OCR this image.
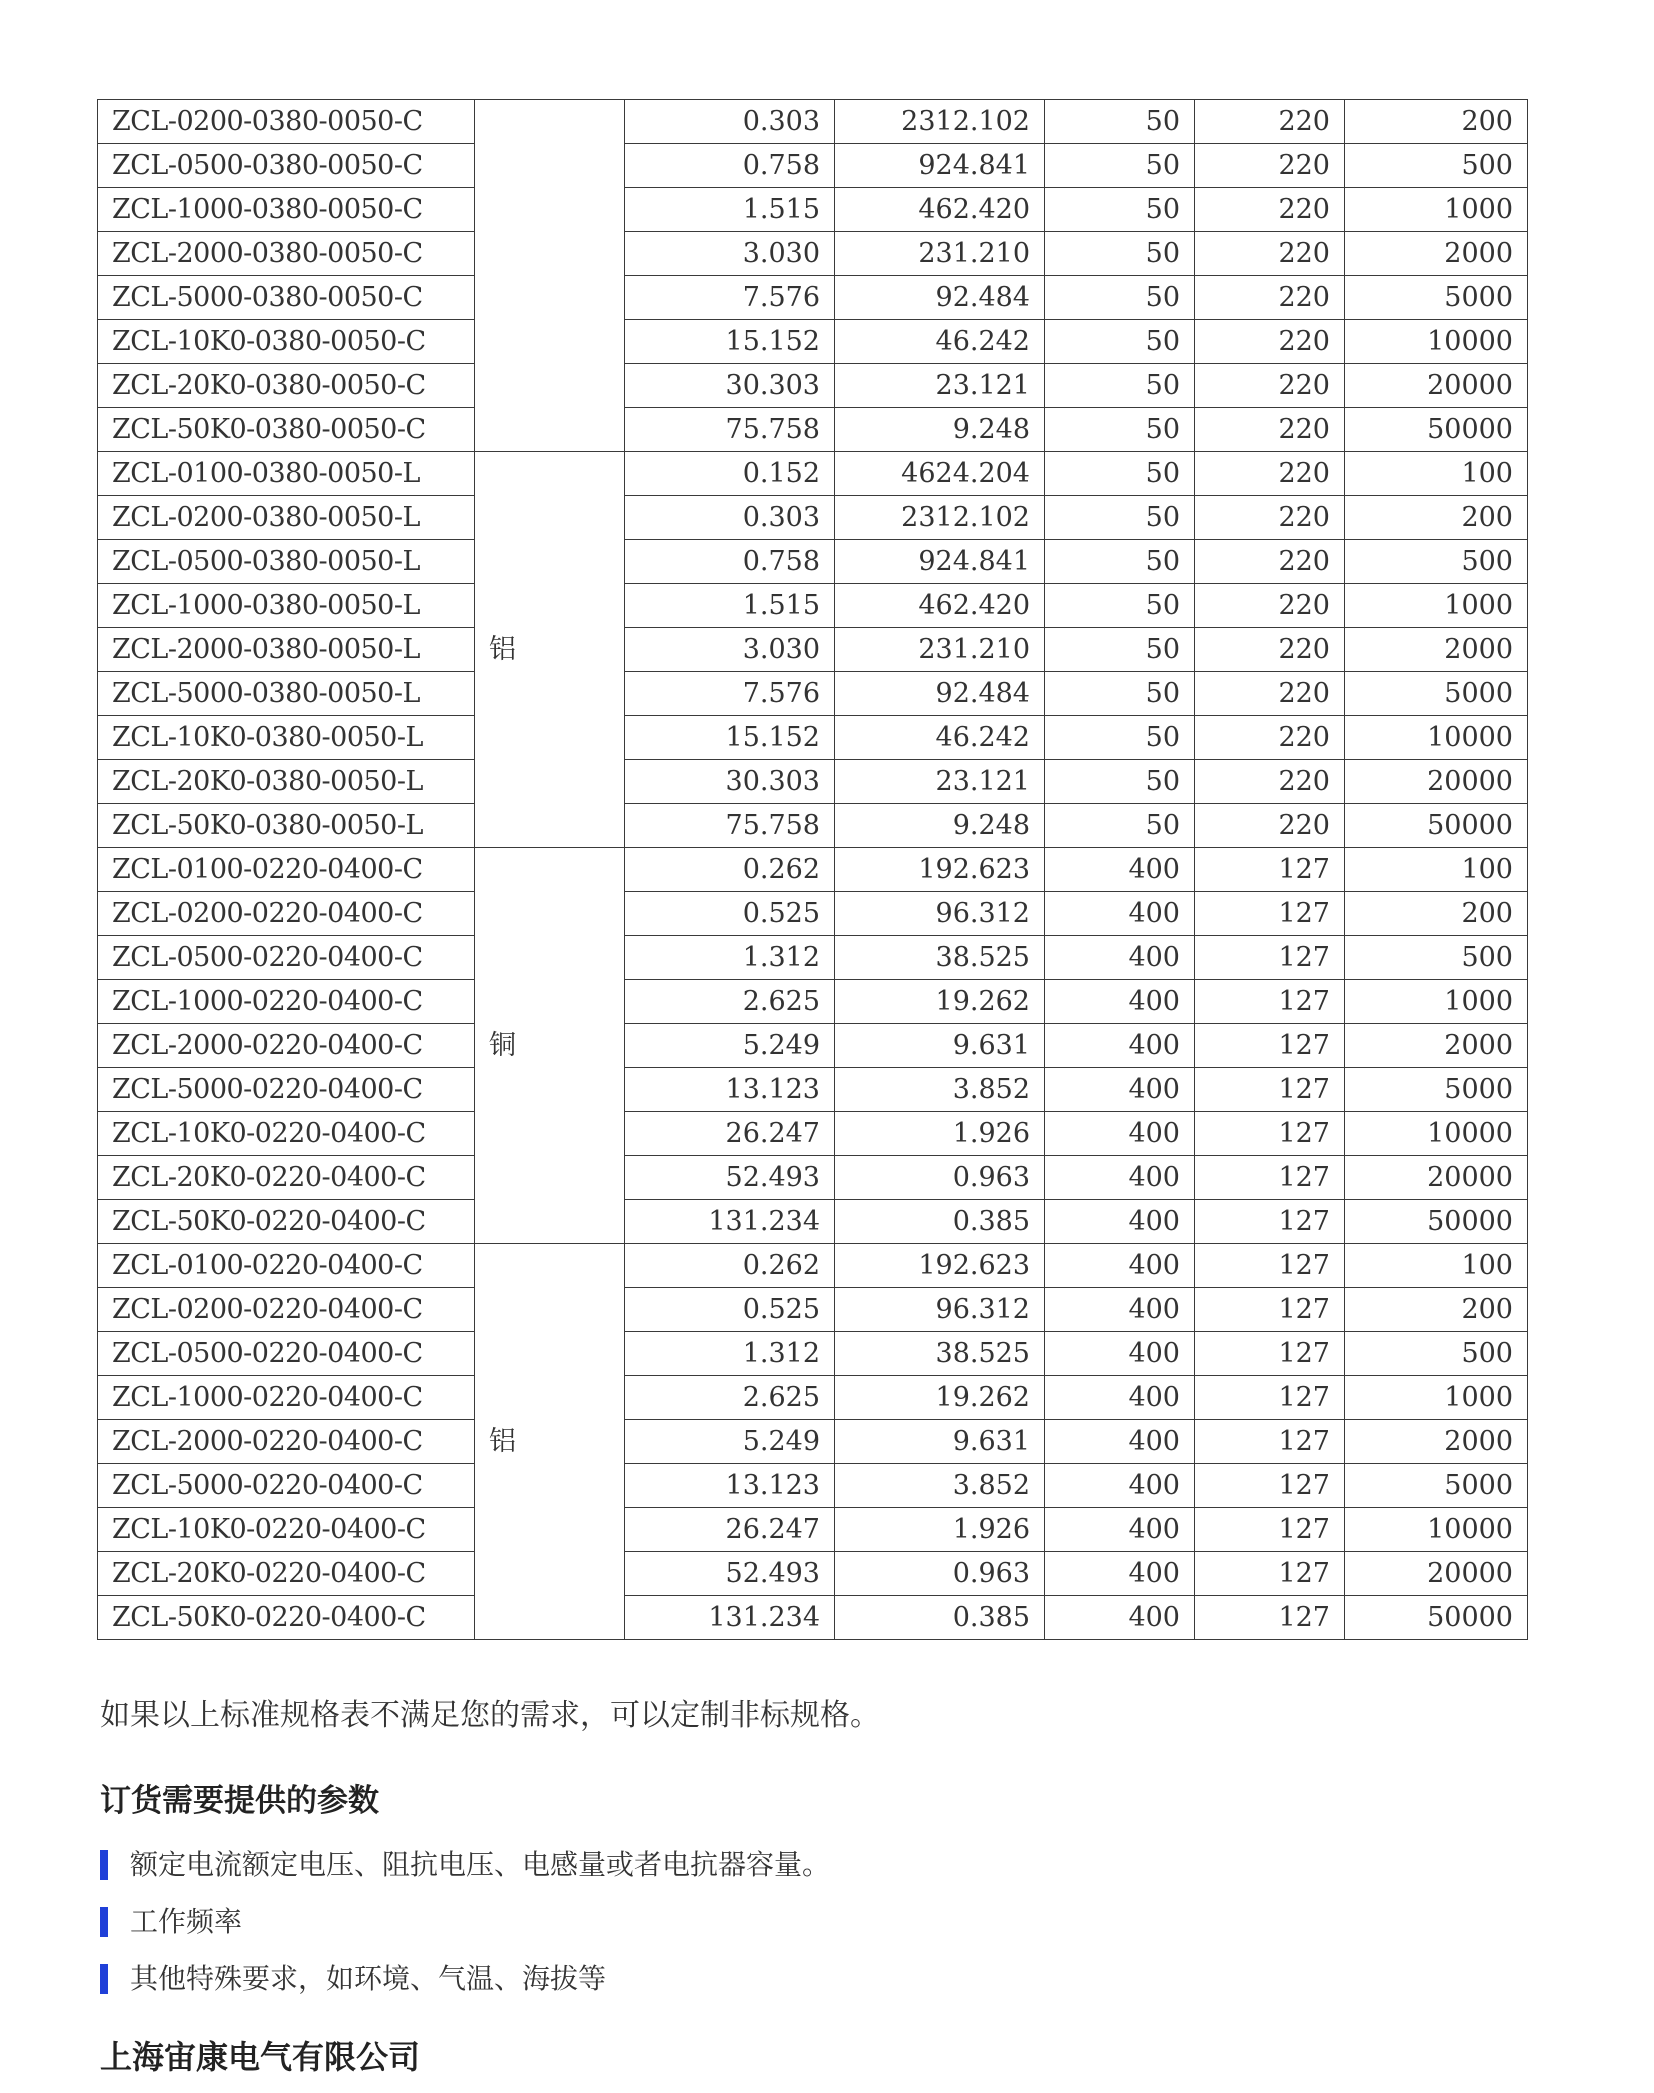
ZCL-0200-0380-0050-C		0.303	2312.102	50	220	200
ZCL-0500-0380-0050-C		0.758	924.841	50	220	500
ZCL-1000-0380-0050-C		1.515	462.420	50	220	1000
ZCL-2000-0380-0050-C		3.030	231.210	50	220	2000
ZCL-5000-0380-0050-C		7.576	92.484	50	220	5000
ZCL-10K0-0380-0050-C		15.152	46.242	50	220	10000
ZCL-20K0-0380-0050-C		30.303	23.121	50	220	20000
ZCL-50K0-0380-0050-C		75.758	9.248	50	220	50000
ZCL-0100-0380-0050-L	铝	0.152	4624.204	50	220	100
ZCL-0200-0380-0050-L		0.303	2312.102	50	220	200
ZCL-0500-0380-0050-L		0.758	924.841	50	220	500
ZCL-1000-0380-0050-L		1.515	462.420	50	220	1000
ZCL-2000-0380-0050-L		3.030	231.210	50	220	2000
ZCL-5000-0380-0050-L		7.576	92.484	50	220	5000
ZCL-10K0-0380-0050-L		15.152	46.242	50	220	10000
ZCL-20K0-0380-0050-L		30.303	23.121	50	220	20000
ZCL-50K0-0380-0050-L		75.758	9.248	50	220	50000
ZCL-0100-0220-0400-C	铜	0.262	192.623	400	127	100
ZCL-0200-0220-0400-C		0.525	96.312	400	127	200
ZCL-0500-0220-0400-C		1.312	38.525	400	127	500
ZCL-1000-0220-0400-C		2.625	19.262	400	127	1000
ZCL-2000-0220-0400-C		5.249	9.631	400	127	2000
ZCL-5000-0220-0400-C		13.123	3.852	400	127	5000
ZCL-10K0-0220-0400-C		26.247	1.926	400	127	10000
ZCL-20K0-0220-0400-C		52.493	0.963	400	127	20000
ZCL-50K0-0220-0400-C		131.234	0.385	400	127	50000
ZCL-0100-0220-0400-C	铝	0.262	192.623	400	127	100
ZCL-0200-0220-0400-C		0.525	96.312	400	127	200
ZCL-0500-0220-0400-C		1.312	38.525	400	127	500
ZCL-1000-0220-0400-C		2.625	19.262	400	127	1000
ZCL-2000-0220-0400-C		5.249	9.631	400	127	2000
ZCL-5000-0220-0400-C		13.123	3.852	400	127	5000
ZCL-10K0-0220-0400-C		26.247	1.926	400	127	10000
ZCL-20K0-0220-0400-C		52.493	0.963	400	127	20000
ZCL-50K0-0220-0400-C		131.234	0.385	400	127	50000
如果以上标准规格表不满足您的需求，可以定制非标规格。
订货需要提供的参数
额定电流额定电压、阻抗电压、电感量或者电抗器容量。
工作频率
其他特殊要求，如环境、气温、海拔等
上海宙康电气有限公司
